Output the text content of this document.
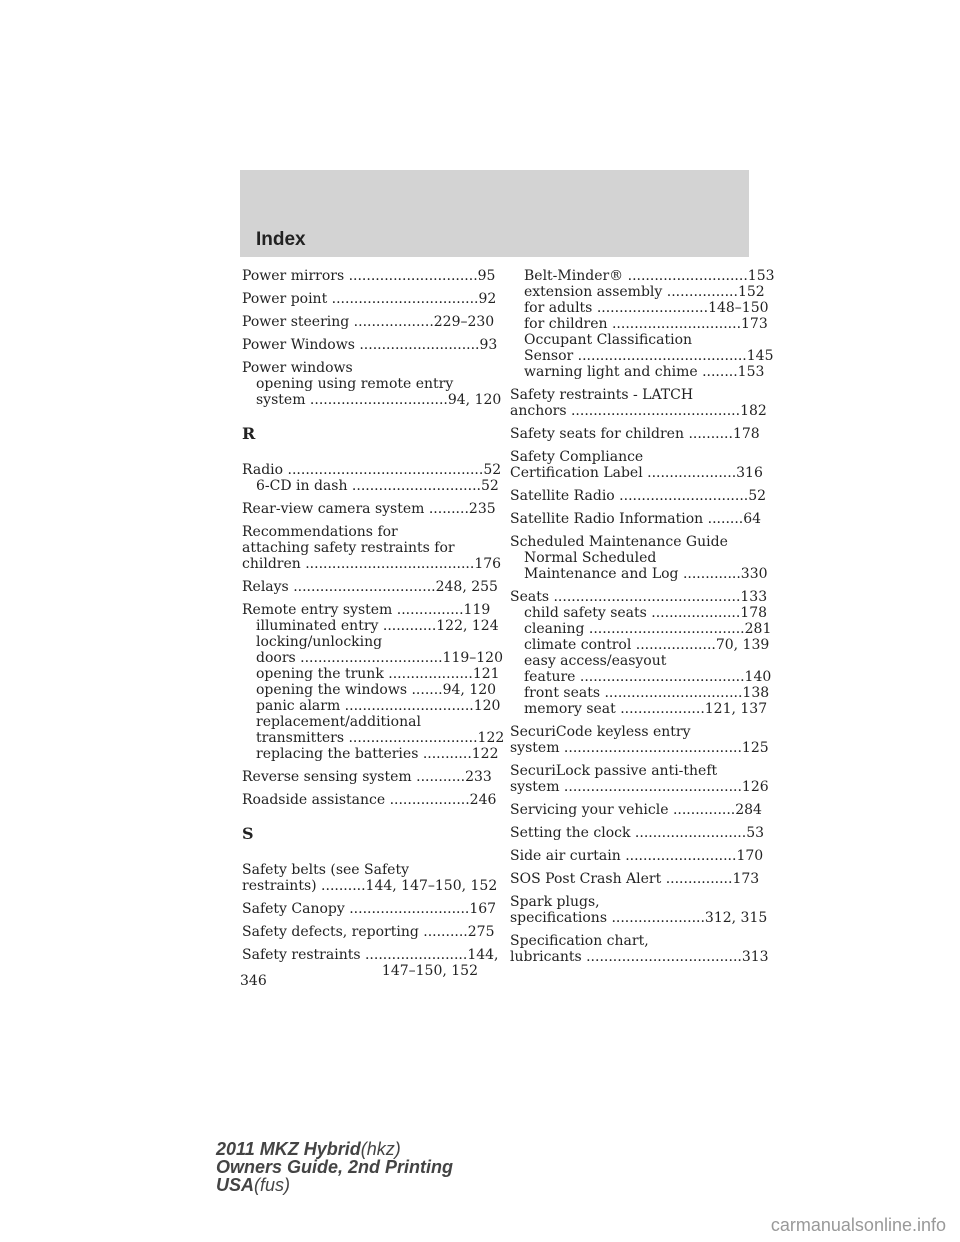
Index
Power mirrors .............................95
Power point .................................92
Power steering ..................229–230
Power Windows ...........................93
Power windows
opening using remote entry
system ...............................94, 120
R
Radio ............................................52
6-CD in dash .............................52
Rear-view camera system .........235
Recommendations for
attaching safety restraints for
children ......................................176
Relays ................................248, 255
Remote entry system ...............119
illuminated entry ............122, 124
locking/unlocking
doors ................................119–120
opening the trunk ...................121
opening the windows .......94, 120
panic alarm .............................120
replacement/additional
transmitters .............................122
replacing the batteries ...........122
Reverse sensing system ...........233
Roadside assistance ..................246
S
Safety belts (see Safety
restraints) ..........144, 147–150, 152
Safety Canopy ...........................167
Safety defects, reporting ..........275
Safety restraints .......................144,
147–150, 152
Belt-Minder® ...........................153
extension assembly ................152
for adults .........................148–150
for children .............................173
Occupant Classification
Sensor ......................................145
warning light and chime ........153
Safety restraints - LATCH
anchors ......................................182
Safety seats for children ..........178
Safety Compliance
Certification Label ....................316
Satellite Radio .............................52
Satellite Radio Information ........64
Scheduled Maintenance Guide
Normal Scheduled
Maintenance and Log .............330
Seats ..........................................133
child safety seats ....................178
cleaning ...................................281
climate control ..................70, 139
easy access/easyout
feature .....................................140
front seats ...............................138
memory seat ...................121, 137
SecuriCode keyless entry
system ........................................125
SecuriLock passive anti-theft
system ........................................126
Servicing your vehicle ..............284
Setting the clock .........................53
Side air curtain .........................170
SOS Post Crash Alert ...............173
Spark plugs,
specifications .....................312, 315
Specification chart,
lubricants ...................................313
346
2011 MKZ Hybrid(hkz)
Owners Guide, 2nd Printing
USA(fus)
carmanualsonline.info
